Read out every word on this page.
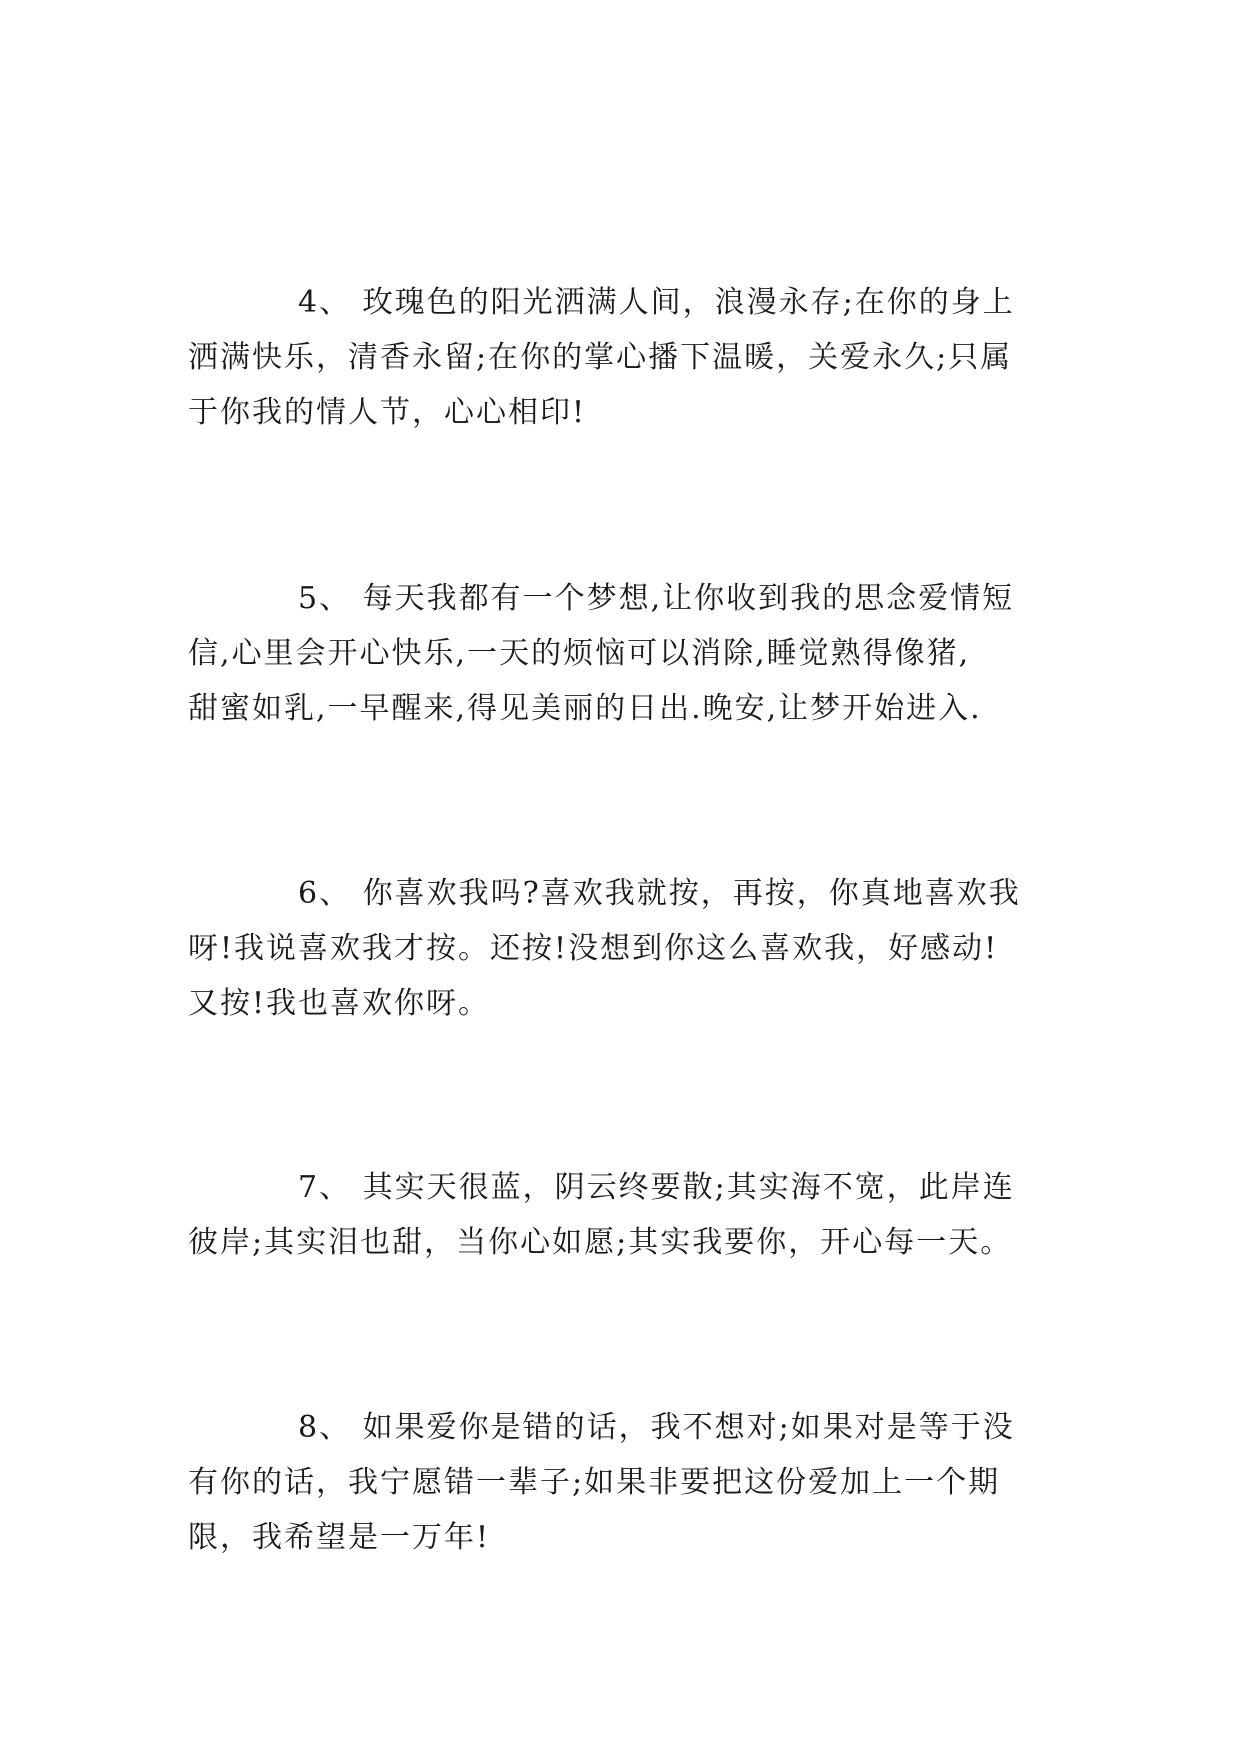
4、 玫瑰色的阳光洒满人间，浪漫永存;在你的身上
洒满快乐，清香永留;在你的掌心播下温暖，关爱永久;只属
于你我的情人节，心心相印!
5、 每天我都有一个梦想,让你收到我的思念爱情短
信,心里会开心快乐,一天的烦恼可以消除,睡觉熟得像猪,
甜蜜如乳,一早醒来,得见美丽的日出.晚安,让梦开始进入.
6、 你喜欢我吗?喜欢我就按，再按，你真地喜欢我
呀!我说喜欢我才按。还按!没想到你这么喜欢我，好感动!
又按!我也喜欢你呀。
7、 其实天很蓝，阴云终要散;其实海不宽，此岸连
彼岸;其实泪也甜，当你心如愿;其实我要你，开心每一天。
8、 如果爱你是错的话，我不想对;如果对是等于没
有你的话，我宁愿错一辈子;如果非要把这份爱加上一个期
限，我希望是一万年!
